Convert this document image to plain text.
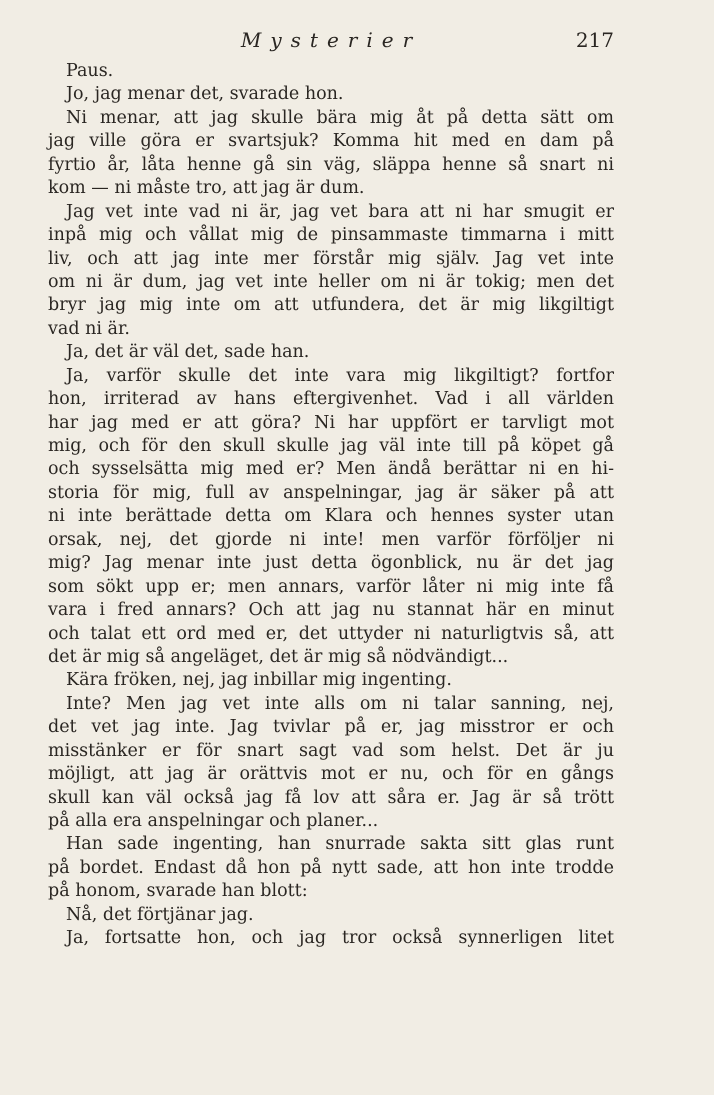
Mysterier	217
Paus.
Jo, jag menar det, svarade hon.
Ni menar, att jag skulle bära mig åt på detta sätt om
jag ville göra er svartsjuk? Komma hit med en dam på
fyrtio år, låta henne gå sin väg, släppa henne så snart ni
kom — ni måste tro, att jag är dum.
Jag vet inte vad ni är, jag vet bara att ni har smugit er
inpå mig och vållat mig de pinsammaste timmarna i mitt
liv, och att jag inte mer förstår mig själv. Jag vet inte
om ni är dum, jag vet inte heller om ni är tokig; men det
bryr jag mig inte om att utfundera, det är mig likgiltigt
vad ni är.
Ja, det är väl det, sade han.
Ja, varför skulle det inte vara mig likgiltigt? fortfor
hon, irriterad av hans eftergivenhet. Vad i all världen
har jag med er att göra? Ni har uppfört er tarvligt mot
mig, och för den skull skulle jag väl inte till på köpet gå
och sysselsätta mig med er? Men ändå berättar ni en hi-
storia för mig, full av anspelningar, jag är säker på att
ni inte berättade detta om Klara och hennes syster utan
orsak, nej, det gjorde ni inte! men varför förföljer ni
mig? Jag menar inte just detta ögonblick, nu är det jag
som sökt upp er; men annars, varför låter ni mig inte få
vara i fred annars? Och att jag nu stannat här en minut
och talat ett ord med er, det uttyder ni naturligtvis så, att
det är mig så angeläget, det är mig så nödvändigt...
Kära fröken, nej, jag inbillar mig ingenting.
Inte? Men jag vet inte alls om ni talar sanning, nej,
det vet jag inte. Jag tvivlar på er, jag misstror er och
misstänker er för snart sagt vad som helst. Det är ju
möjligt, att jag är orättvis mot er nu, och för en gångs
skull kan väl också jag få lov att såra er. Jag är så trött
på alla era anspelningar och planer...
Han sade ingenting, han snurrade sakta sitt glas runt
på bordet. Endast då hon på nytt sade, att hon inte trodde
på honom, svarade han blott:
Nå, det förtjänar jag.
Ja, fortsatte hon, och jag tror också synnerligen litet
